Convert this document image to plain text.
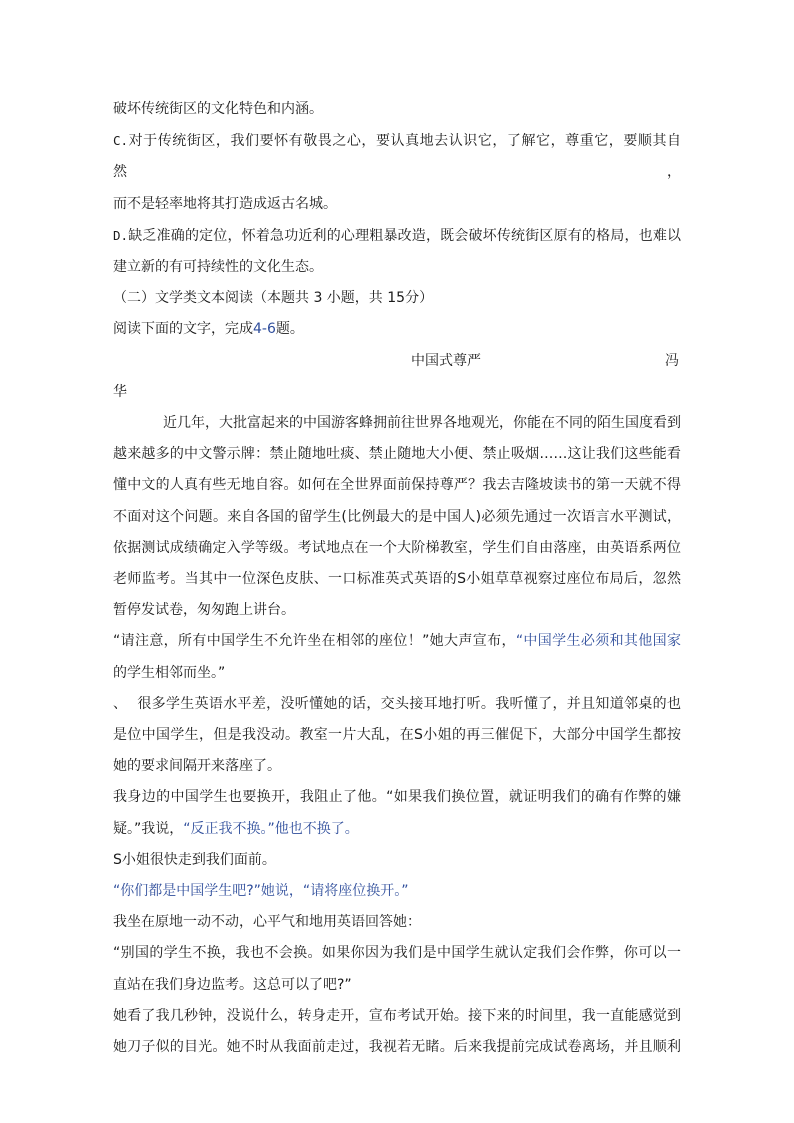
破坏传统街区的文化特色和内涵。

C.对于传统街区，我们要怀有敬畏之心，要认真地去认识它，了解它，尊重它，要顺其自然，

而不是轻率地将其打造成返古名城。

D.缺乏准确的定位，怀着急功近利的心理粗暴改造，既会破坏传统街区原有的格局，也难以

建立新的有可持续性的文化生态。

（二）文学类文本阅读（本题共 3 小题，共 15分）

阅读下面的文字，完成4-6题。

中国式尊严	冯

华

近几年，大批富起来的中国游客蜂拥前往世界各地观光，你能在不同的陌生国度看到

越来越多的中文警示牌：禁止随地吐痰、禁止随地大小便、禁止吸烟……这让我们这些能看

懂中文的人真有些无地自容。如何在全世界面前保持尊严？我去吉隆坡读书的第一天就不得

不面对这个问题。来自各国的留学生(比例最大的是中国人)必须先通过一次语言水平测试，

依据测试成绩确定入学等级。考试地点在一个大阶梯教室，学生们自由落座，由英语系两位

老师监考。当其中一位深色皮肤、一口标准英式英语的S小姐草草视察过座位布局后，忽然

暂停发试卷，匆匆跑上讲台。

“请注意，所有中国学生不允许坐在相邻的座位！”她大声宣布，“中国学生必须和其他国家

的学生相邻而坐。”

、 很多学生英语水平差，没听懂她的话，交头接耳地打听。我听懂了，并且知道邻桌的也

是位中国学生，但是我没动。教室一片大乱，在S小姐的再三催促下，大部分中国学生都按

她的要求间隔开来落座了。

我身边的中国学生也要换开，我阻止了他。“如果我们换位置，就证明我们的确有作弊的嫌

疑。”我说，“反正我不换。”他也不换了。

S小姐很快走到我们面前。

“你们都是中国学生吧?”她说，“请将座位换开。”

我坐在原地一动不动，心平气和地用英语回答她：

“别国的学生不换，我也不会换。如果你因为我们是中国学生就认定我们会作弊，你可以一

直站在我们身边监考。这总可以了吧?”

她看了我几秒钟，没说什么，转身走开，宣布考试开始。接下来的时间里，我一直能感觉到

她刀子似的目光。她不时从我面前走过，我视若无睹。后来我提前完成试卷离场，并且顺利
